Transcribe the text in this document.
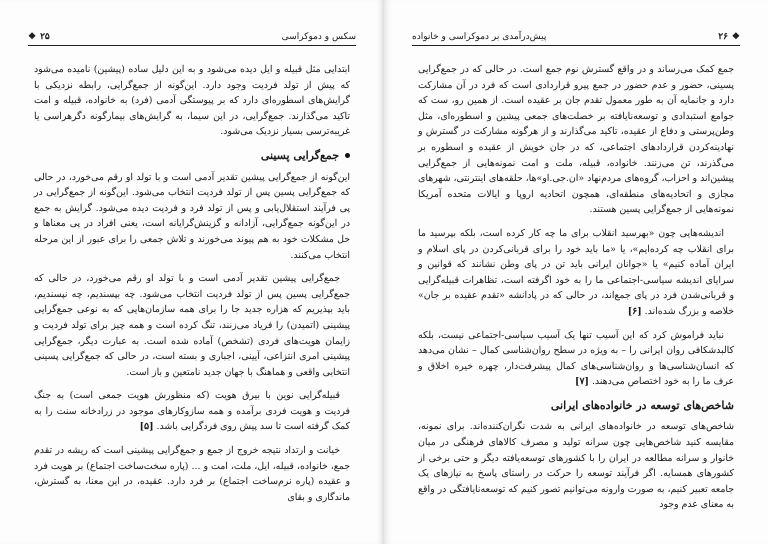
سکس و دموکراسی
۲۵
❖

ابتدایی مثل قبیله و ایل دیده می‌شود و به این دلیل ساده (پیشین) نامیده می‌شود که پیش از تولد فردیت وجود دارد. این‌گونه از جمع‌گرایی، رابطه نزدیکی با گرایش‌های اسطوره‌ای دارد که بر پیوستگی آدمی (فرد) به خانواده، قبیله و امت تاکید می‌گذارند. جمع‌گرایی، در این سیما، به گرایش‌های بیمارگونه دگرهراسی یا غریبه‌ترسی بسیار نزدیک می‌شود.

جمع‌گرایی پسینی

این‌گونه از جمع‌گرایی پیشین تقدیر آدمی است و با تولد او رقم می‌خورد، در حالی که جمع‌گرایی پسین پس از تولد فردیت انتخاب می‌شود. این‌گونه از جمع‌گرایی در پی فرآیند استقلال‌یابی و پس از تولد فرد و فردیت دیده می‌شود. گرایش به جمع در این‌گونه جمع‌گرایی، آزادانه و گزینش‌گرایانه است، یعنی افراد در پی معناها و حل مشکلات خود به هم پیوند می‌خورند و تلاش جمعی را برای عبور از این مرحله انتخاب می‌کنند.

جمع‌گرایی پیشین تقدیر آدمی است و با تولد او رقم می‌خورد، در حالی که جمع‌گرایی پسین پس از تولد فردیت انتخاب می‌شود. چه بپسندیم، چه نپسندیم، باید بپذیریم که هزاره جدید جا را برای همه سازمان‌هایی که به نوعی جمع‌گرایی پیشینی (اتمیدن) را فریاد می‌زنند، تنگ کرده است و همه چیز برای تولد فردیت و زایمان هویت‌های فردی (تشخص) آماده شده است. به عبارت دیگر، جمع‌گرایی پیشینی امری انتزاعی، آیینی، اجباری و بسته است، در حالی که جمع‌گرایی پسینی انتخابی واقعی و هماهنگ با جهان جدید نامتعین و باز است.

قبیله‌گرایی نوین با بیرق هویت (که منظورش هویت جمعی است) به جنگ فردیت و هویت فردی برآمده و همه سازوکارهای موجود در زرادخانه سنت را به کمک گرفته است تا سد پیش روی فردگرایی باشد. [۵]

خیانت و ارتداد نتیجه خروج از جمع و جمع‌گرایی پیشینی است که ریشه در تقدم جمع، خانواده، قبیله، ایل، ملت، امت و ... (پاره سخت‌ساخت اجتماع) بر هویت فرد و عقیده (پاره نرم‌ساخت اجتماع) بر فرد دارد. عقیده، در این معنا، به گسترش، ماندگاری و بقای

❖
۲۶
پیش‌درآمدی بر دموکراسی و خانواده

جمع کمک می‌رساند و در واقع گسترش نوم جمع است. در حالی که در جمع‌گرایی پسینی، حضور و عدم حضور در جمع پیرو قراردادی است که فرد در آن مشارکت دارد و جانمایه آن به طور معمول تقدم جان بر عقیده است. از همین رو، ست که جوامع استبدادی و توسعه‌نایافته بر خصلت‌های جمعی پیشین و اسطوره‌ای، مثل وطن‌پرستی و دفاع از عقیده، تاکید می‌گذارند و از هرگونه مشارکت در گسترش و نهادینه‌کردن قراردادهای اجتماعی، که در جان خویش از عقیده و اسطوره بر می‌گذرند، تن می‌زنند. خانواده، قبیله، ملت و امت نمونه‌هایی از جمع‌گرایی پیشین‌اند و احزاب، گروه‌های مردم‌نهاد «ان.جی.او»ها، حلقه‌های اینترنتی، شهرهای مجازی و اتحادیه‌های منطقه‌ای، همچون اتحادیه اروپا و ایالات متحده آمریکا نمونه‌هایی از جمع‌گرایی پسین هستند.

اندیشه‌هایی چون «بهرسید انقلاب برای ما چه کار کرده است، بلکه بپرسید ما برای انقلاب چه کرده‌ایم»، یا «ما باید خود را برای قربانی‌کردن در پای اسلام و ایران آماده کنیم» یا «جوانان ایرانی باید تن در پای وطن نشانند که قوانین و سرایای اندیشه سیاسی-اجتماعی ما را به خود اگرفته است، تظاهرات قبیله‌گرایی و قربانی‌شدن فرد در پای جمع‌اند، در حالی که در پادانشه «تقدم عقیده بر جان» خلاصه و بزرگ شده‌اند. [۶]

نباید فراموش کرد که این آسیب تنها یک آسیب سیاسی-اجتماعی نیست، بلکه کالبدشکافی روان ایرانی را – به ویژه در سطح روان‌شناسی کمال – نشان می‌دهد که انسان‌شناسی‌ها و روان‌شناسی‌های کمال پیشرفت‌دار، چهره خیره اخلاق و عرف ما را به خود اختصاص می‌دهند. [۷]

شاخص‌های توسعه در خانواده‌های ایرانی

شاخص‌های توسعه در خانواده‌های ایرانی به شدت نگران‌کننده‌اند. برای نمونه، مقایسه کنید شاخص‌هایی چون سرانه تولید و مصرف کالاهای فرهنگی در میان خانوار و سرانه مطالعه در ایران را با کشورهای توسعه‌یافته دیگر و حتی برخی از کشورهای همسایه. اگر فرآیند توسعه را حرکت در راستای پاسخ به نیازهای یک جامعه تعبیر کنیم، به صورت وارونه می‌توانیم تصور کنیم که توسعه‌نایافتگی در واقع به معنای عدم وجود
